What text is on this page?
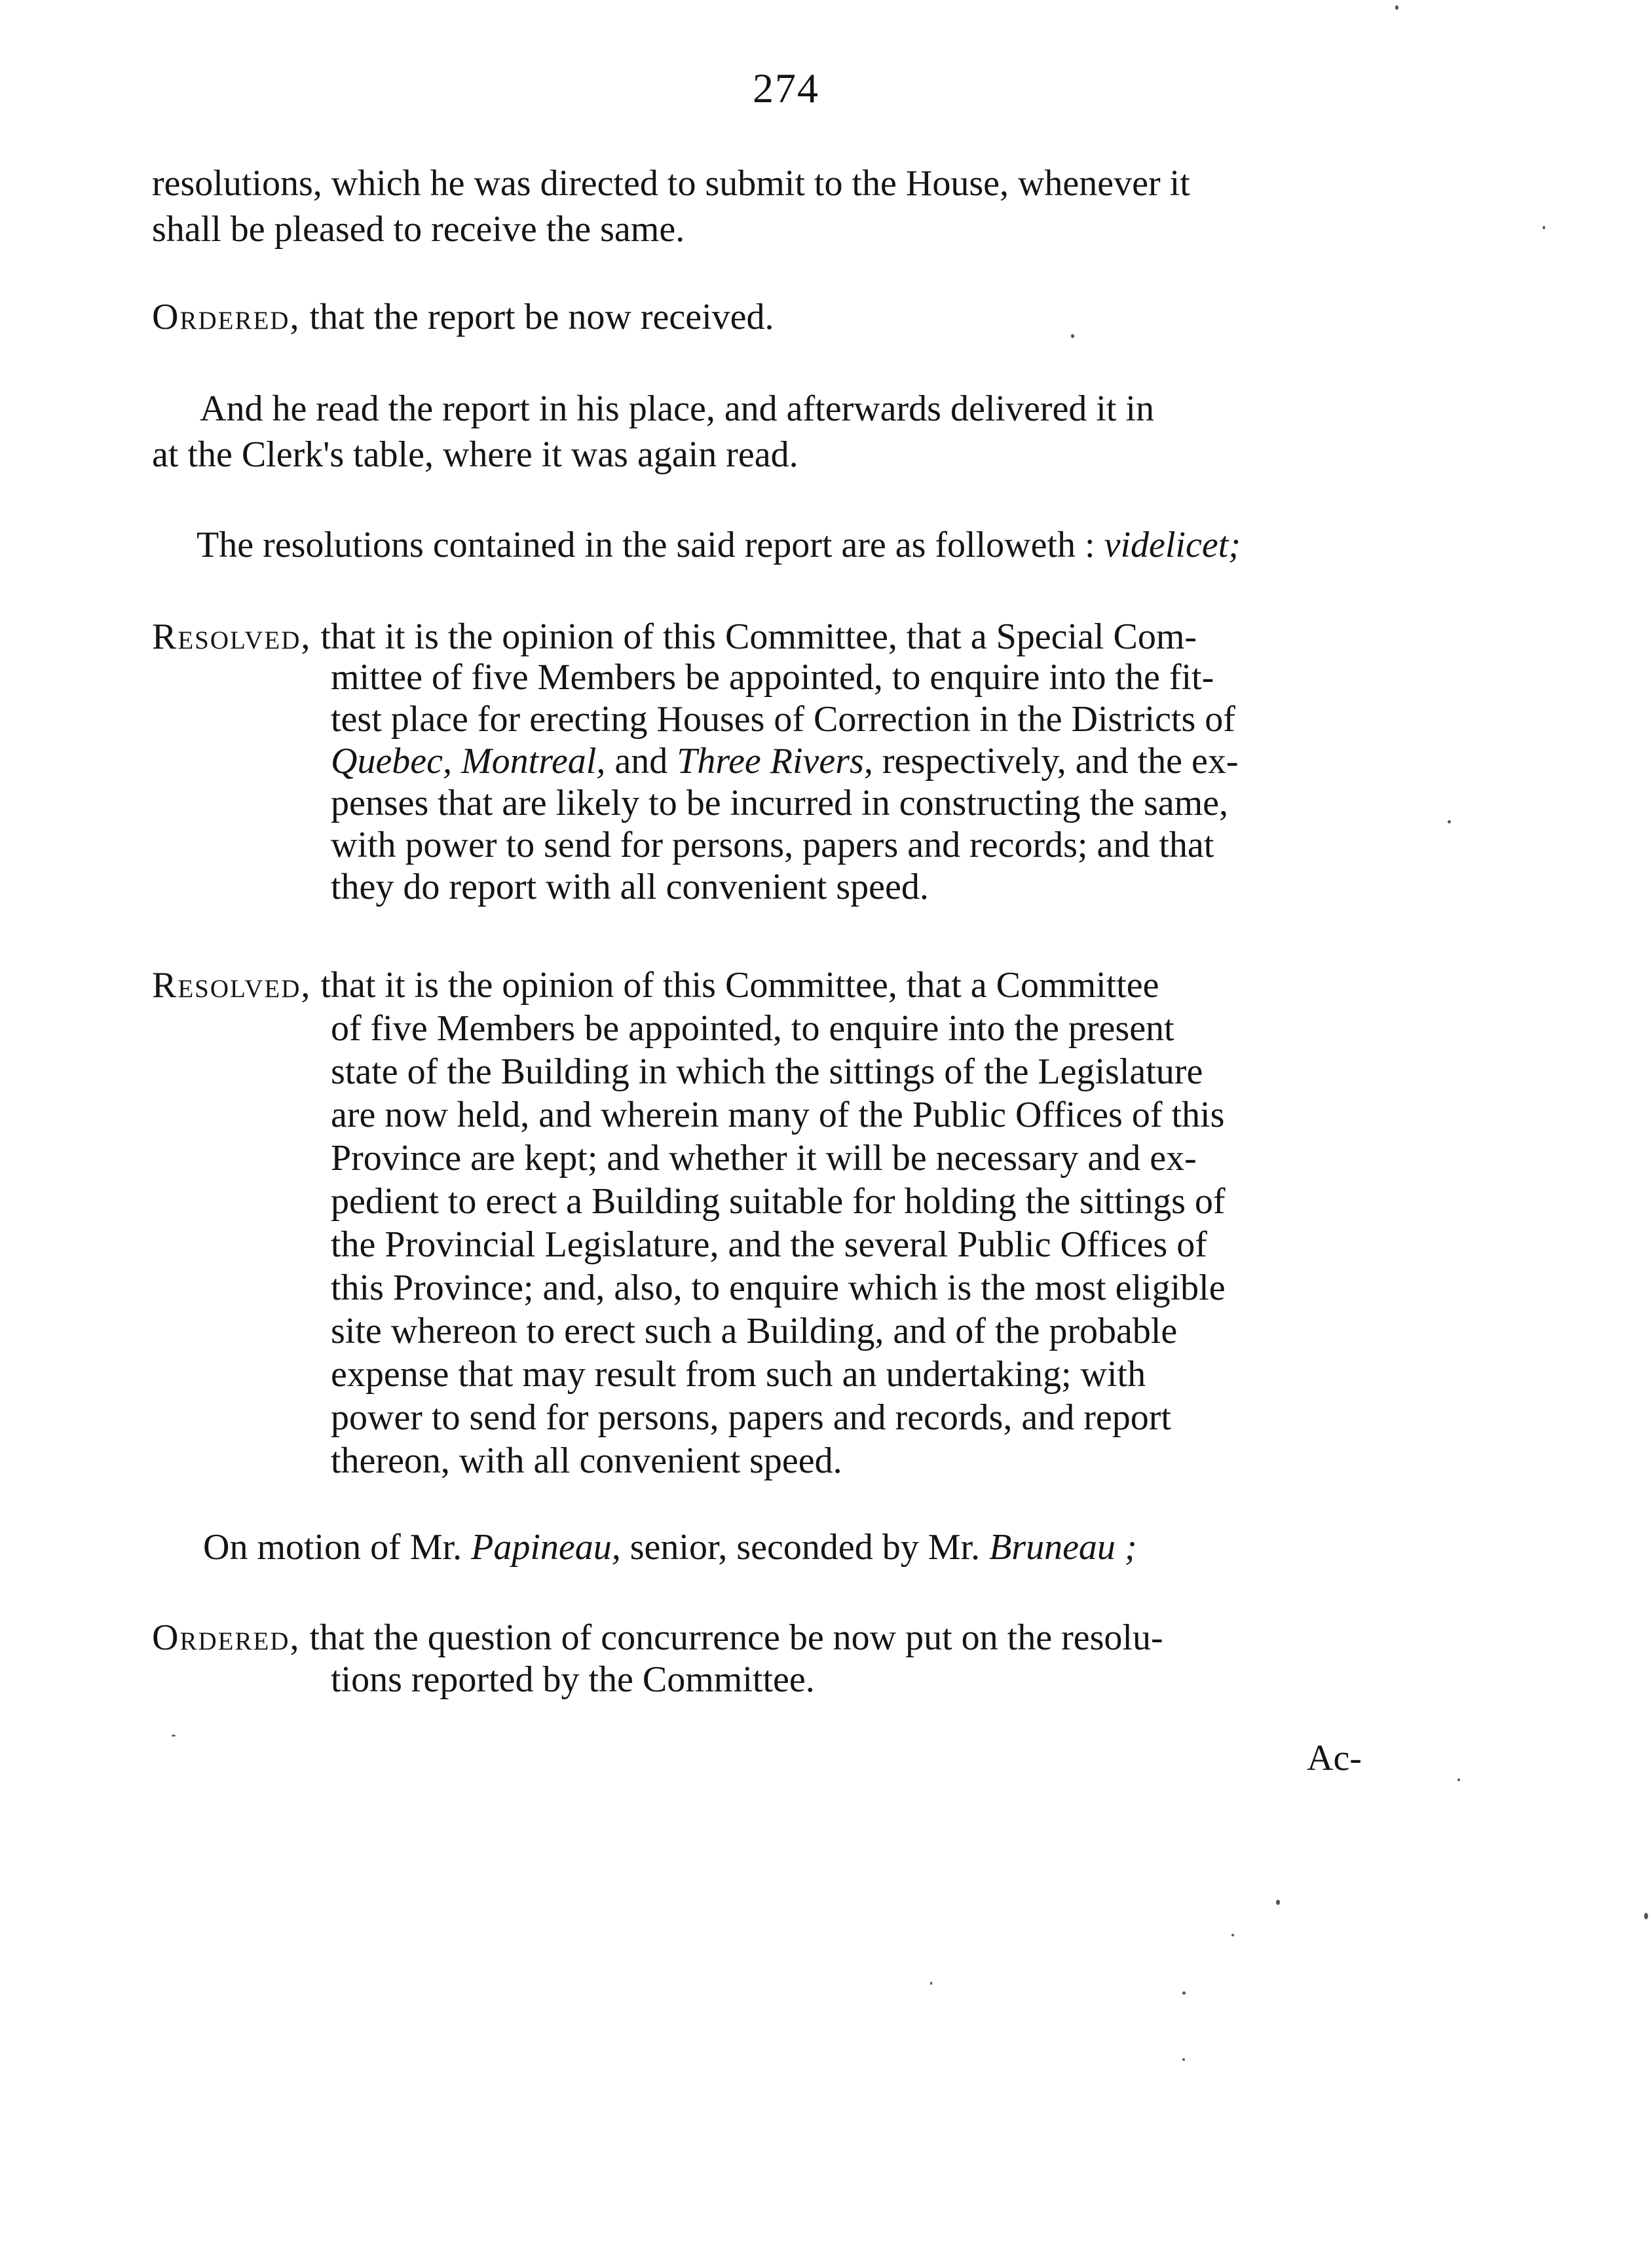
274
resolutions, which he was directed to submit to the House, whenever it
shall be pleased to receive the same.
Ordered, that the report be now received.
And he read the report in his place, and afterwards delivered it in
at the Clerk's table, where it was again read.
The resolutions contained in the said report are as followeth : videlicet;
Resolved, that it is the opinion of this Committee, that a Special Com-
mittee of five Members be appointed, to enquire into the fit-
test place for erecting Houses of Correction in the Districts of
Quebec, Montreal, and Three Rivers, respectively, and the ex-
penses that are likely to be incurred in constructing the same,
with power to send for persons, papers and records; and that
they do report with all convenient speed.
Resolved, that it is the opinion of this Committee, that a Committee
of five Members be appointed, to enquire into the present
state of the Building in which the sittings of the Legislature
are now held, and wherein many of the Public Offices of this
Province are kept; and whether it will be necessary and ex-
pedient to erect a Building suitable for holding the sittings of
the Provincial Legislature, and the several Public Offices of
this Province; and, also, to enquire which is the most eligible
site whereon to erect such a Building, and of the probable
expense that may result from such an undertaking; with
power to send for persons, papers and records, and report
thereon, with all convenient speed.
On motion of Mr. Papineau, senior, seconded by Mr. Bruneau ;
Ordered, that the question of concurrence be now put on the resolu-
tions reported by the Committee.
Ac-
